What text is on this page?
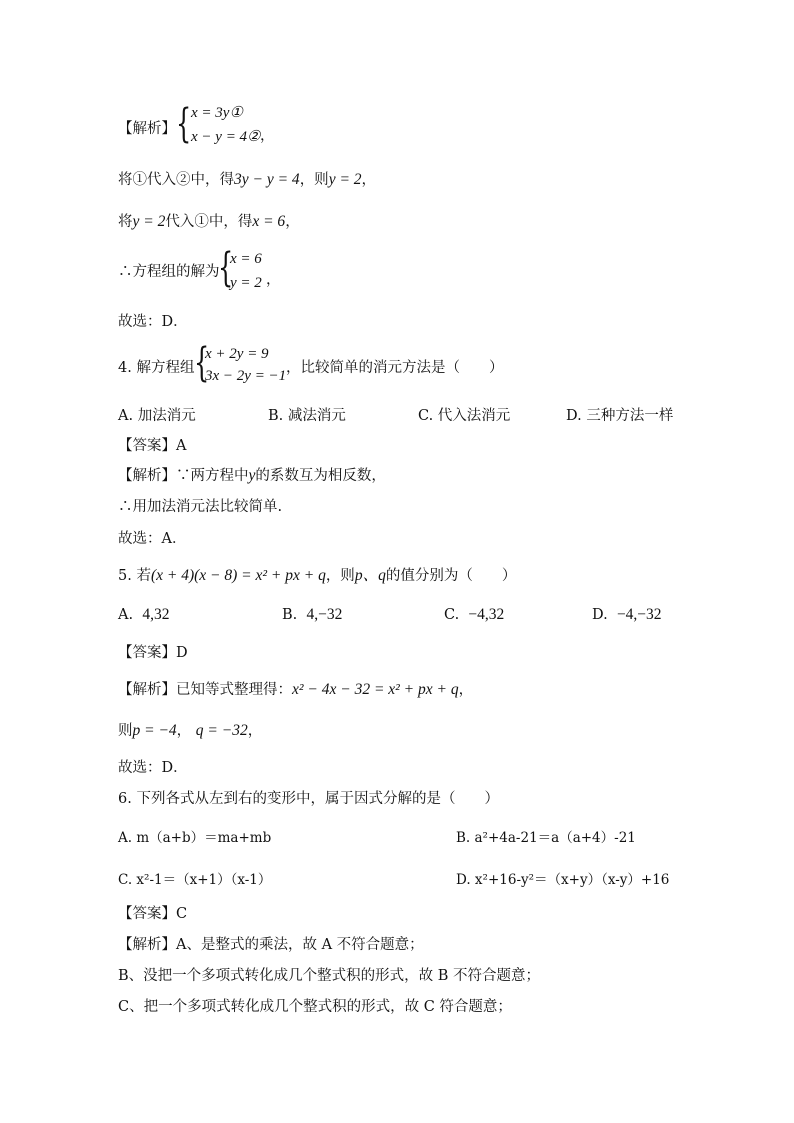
【解析】 { x = 3y①
x − y = 4② ，
将①代入②中，得3y − y = 4，则y = 2，
将y = 2代入①中，得x = 6，
∴方程组的解为
{
x = 6
y = 2 ，
故选：D．
4. 解方程组 {
x + 2y = 9
3x − 2y = −1 ，比较简单的消元方法是（　　）
A. 加法消元	B. 减法消元	C. 代入法消元	D. 三种方法一样
【答案】A
【解析】∵两方程中y的系数互为相反数，
∴用加法消元法比较简单.
故选：A．
5. 若(x + 4)(x − 8) = x² + px + q，则p、q的值分别为（　　）
A. 4,32	B. 4,−32	C. −4,32	D. −4,−32
【答案】D
【解析】已知等式整理得：x² − 4x − 32 = x² + px + q，
则p = −4， q = −32，
故选：D．
6. 下列各式从左到右的变形中，属于因式分解的是（　　）
A. m（a+b）＝ma+mb	B. a²+4a-21＝a（a+4）-21
C. x²-1＝（x+1）（x-1）	D. x²+16-y²＝（x+y）（x-y）+16
【答案】C
【解析】A、是整式的乘法，故 A 不符合题意；
B、没把一个多项式转化成几个整式积的形式，故 B 不符合题意；
C、把一个多项式转化成几个整式积的形式，故 C 符合题意；
